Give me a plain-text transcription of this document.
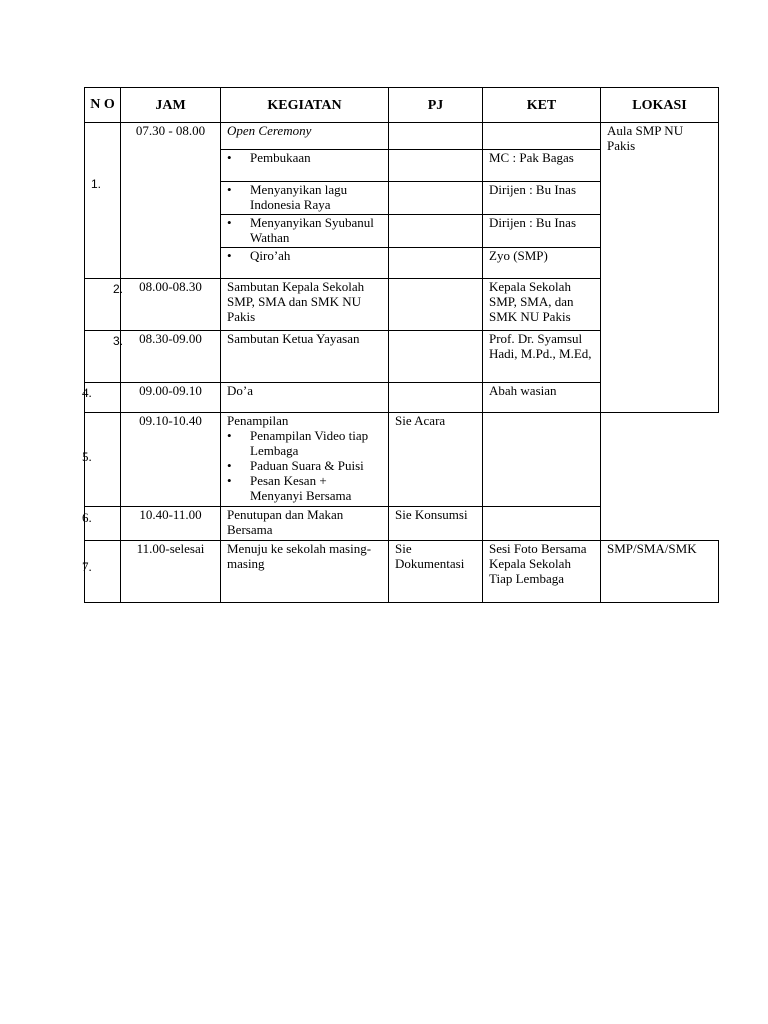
N O	JAM	KEGIATAN	PJ	KET	LOKASI

1.	07.30 - 08.00	Open Ceremony			Aula SMP NU Pakis

		• Pembukaan		MC : Pak Bagas	

		• Menyanyikan lagu Indonesia Raya		Dirijen : Bu Inas	

		• Menyanyikan Syubanul Wathan		Dirijen : Bu Inas	

		• Qiro’ah		Zyo (SMP)	

2.	08.00-08.30	Sambutan Kepala Sekolah SMP, SMA dan SMK NU Pakis		Kepala Sekolah SMP, SMA, dan SMK NU Pakis	

3.	08.30-09.00	Sambutan Ketua Yayasan		Prof. Dr. Syamsul Hadi, M.Pd., M.Ed,	

4.	09.00-09.10	Do’a		Abah wasian	

5.	09.10-10.40	Penampilan
• Penampilan Video tiap Lembaga
• Paduan Suara & Puisi
• Pesan Kesan + Menyanyi Bersama	Sie Acara		

6.	10.40-11.00	Penutupan dan Makan Bersama	Sie Konsumsi		

7.	11.00-selesai	Menuju ke sekolah masing-masing	Sie Dokumentasi	Sesi Foto Bersama Kepala Sekolah Tiap Lembaga	SMP/SMA/SMK
